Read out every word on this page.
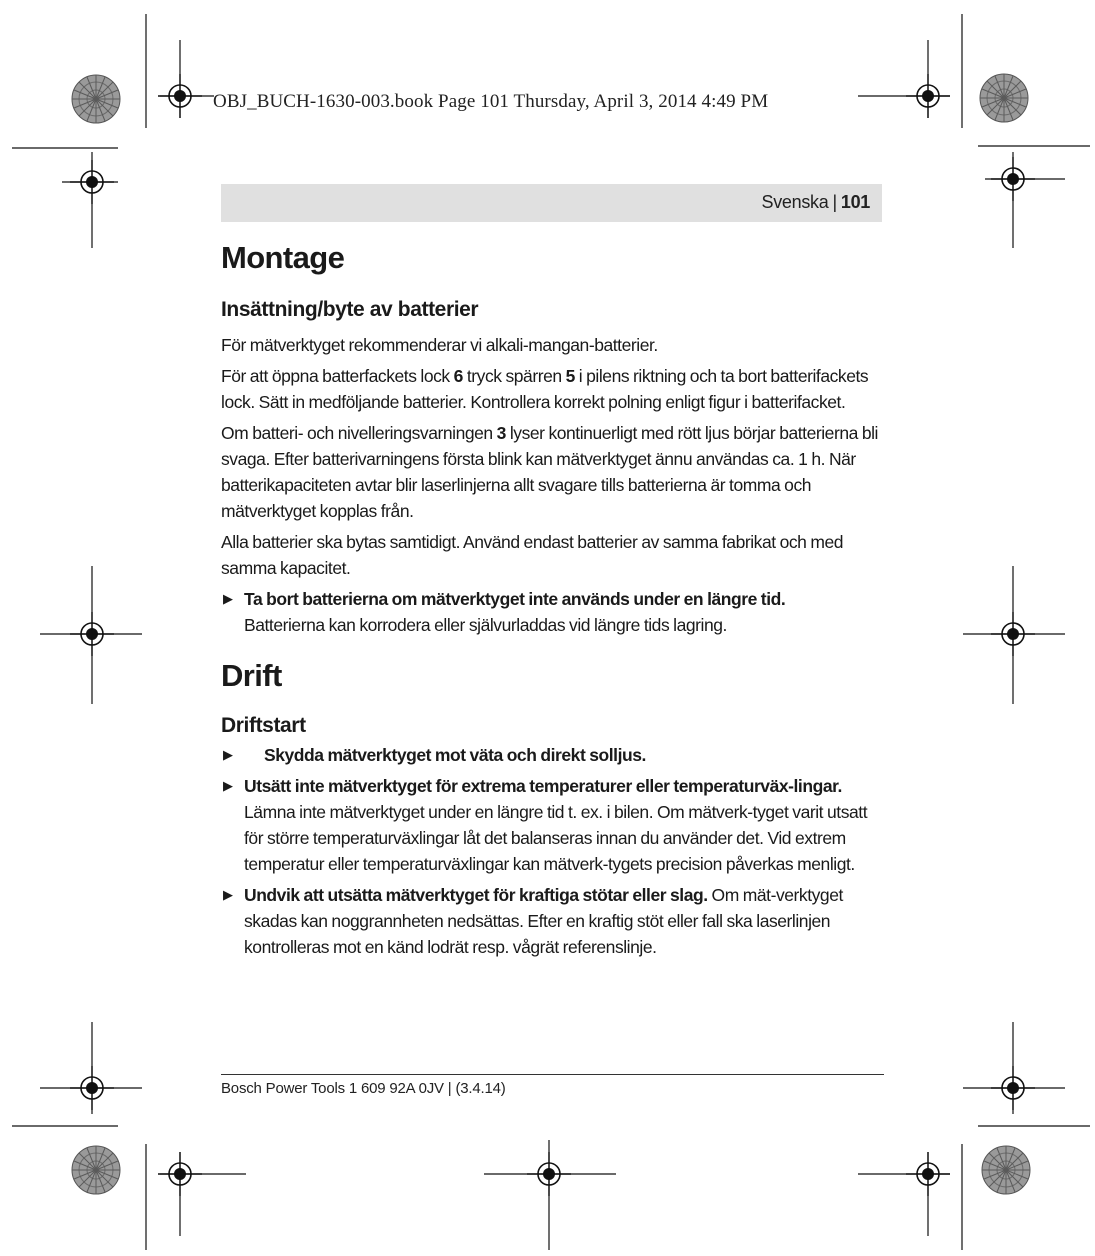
OBJ_BUCH-1630-003.book Page 101 Thursday, April 3, 2014 4:49 PM
Svenska | 101
Montage
Insättning/byte av batterier

För mätverktyget rekommenderar vi alkali-mangan-batterier.

För att öppna batterfackets lock 6 tryck spärren 5 i pilens riktning och ta bort batterifackets lock. Sätt in medföljande batterier. Kontrollera korrekt polning enligt figur i batterifacket.

Om batteri- och nivelleringsvarningen 3 lyser kontinuerligt med rött ljus börjar batterierna bli svaga. Efter batterivarningens första blink kan mätverktyget ännu användas ca. 1 h. När batterikapaciteten avtar blir laserlinjerna allt svagare tills batterierna är tomma och mätverktyget kopplas från.

Alla batterier ska bytas samtidigt. Använd endast batterier av samma fabrikat och med samma kapacitet.

▶ Ta bort batterierna om mätverktyget inte används under en längre tid.
Batterierna kan korrodera eller självurladdas vid längre tids lagring.

Drift
Driftstart
▶ Skydda mätverktyget mot väta och direkt solljus.

▶ Utsätt inte mätverktyget för extrema temperaturer eller temperaturväx-lingar. Lämna inte mätverktyget under en längre tid t. ex. i bilen. Om mätverk-tyget varit utsatt för större temperaturväxlingar låt det balanseras innan du använder det. Vid extrem temperatur eller temperaturväxlingar kan mätverk-tygets precision påverkas menligt.

▶ Undvik att utsätta mätverktyget för kraftiga stötar eller slag. Om mät-verktyget skadas kan noggrannheten nedsättas. Efter en kraftig stöt eller fall ska laserlinjen kontrolleras mot en känd lodrät resp. vågrät referenslinje.

Bosch Power Tools 1 609 92A 0JV | (3.4.14)
